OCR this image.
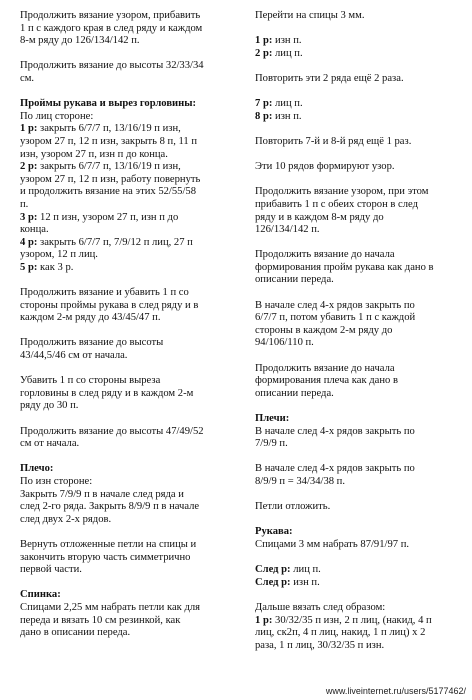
Продолжить вязание узором, прибавить
1 п с каждого края в след ряду и каждом
8-м ряду до 126/134/142 п.

Продолжить вязание до высоты 32/33/34
см.

Проймы рукава и вырез горловины:

По лиц стороне:

1 р: закрыть 6/7/7 п, 13/16/19 п изн,
узором 27 п, 12 п изн, закрыть 8 п, 11 п
изн, узором 27 п, изн п до конца.

2 р: закрыть 6/7/7 п, 13/16/19 п изн,
узором 27 п, 12 п изн, работу повернуть
и продолжить вязание на этих 52/55/58
п.

3 р: 12 п изн, узором 27 п, изн п до
конца.

4 р: закрыть 6/7/7 п, 7/9/12 п лиц, 27 п
узором, 12 п лиц.

5 р: как 3 р.

Продолжить вязание и убавить 1 п со
стороны проймы рукава в след ряду и в
каждом 2-м ряду до 43/45/47 п.

Продолжить вязание до высоты
43/44,5/46 см от начала.

Убавить 1 п со стороны выреза
горловины в след ряду и в каждом 2-м
ряду до 30 п.

Продолжить вязание до высоты 47/49/52
см от начала.

Плечо:

По изн стороне:

Закрыть 7/9/9 п в начале след ряда и
след 2-го ряда. Закрыть 8/9/9 п в начале
след двух 2-х рядов.

Вернуть отложенные петли на спицы и
закончить вторую часть симметрично
первой части.

Спинка:

Спицами 2,25 мм набрать петли как для
переда и вязать 10 см резинкой, как
дано в описании переда.

Перейти на спицы 3 мм.

1 р: изн п.

2 р: лиц п.

Повторить эти 2 ряда ещё 2 раза.

7 р: лиц п.

8 р: изн п.

Повторить 7-й и 8-й ряд ещё 1 раз.

Эти 10 рядов формируют узор.

Продолжить вязание узором, при этом
прибавить 1 п с обеих сторон в след
ряду и в каждом 8-м ряду до
126/134/142 п.

Продолжить вязание до начала
формирования пройм рукава как дано в
описании переда.

В начале след 4-х рядов закрыть по
6/7/7 п, потом убавить 1 п с каждой
стороны в каждом 2-м ряду до
94/106/110 п.

Продолжить вязание до начала
формирования плеча как дано в
описании переда.

Плечи:

В начале след 4-х рядов закрыть по
7/9/9 п.

В начале след 4-х рядов закрыть по
8/9/9 п = 34/34/38 п.

Петли отложить.

Рукава:

Спицами 3 мм набрать 87/91/97 п.

След р: лиц п.

След р: изн п.

Дальше вязать след образом:

1 р: 30/32/35 п изн, 2 п лиц, (накид, 4 п
лиц, ск2п, 4 п лиц, накид, 1 п лиц) х 2
раза, 1 п лиц, 30/32/35 п изн.

www.liveinternet.ru/users/5177462/
